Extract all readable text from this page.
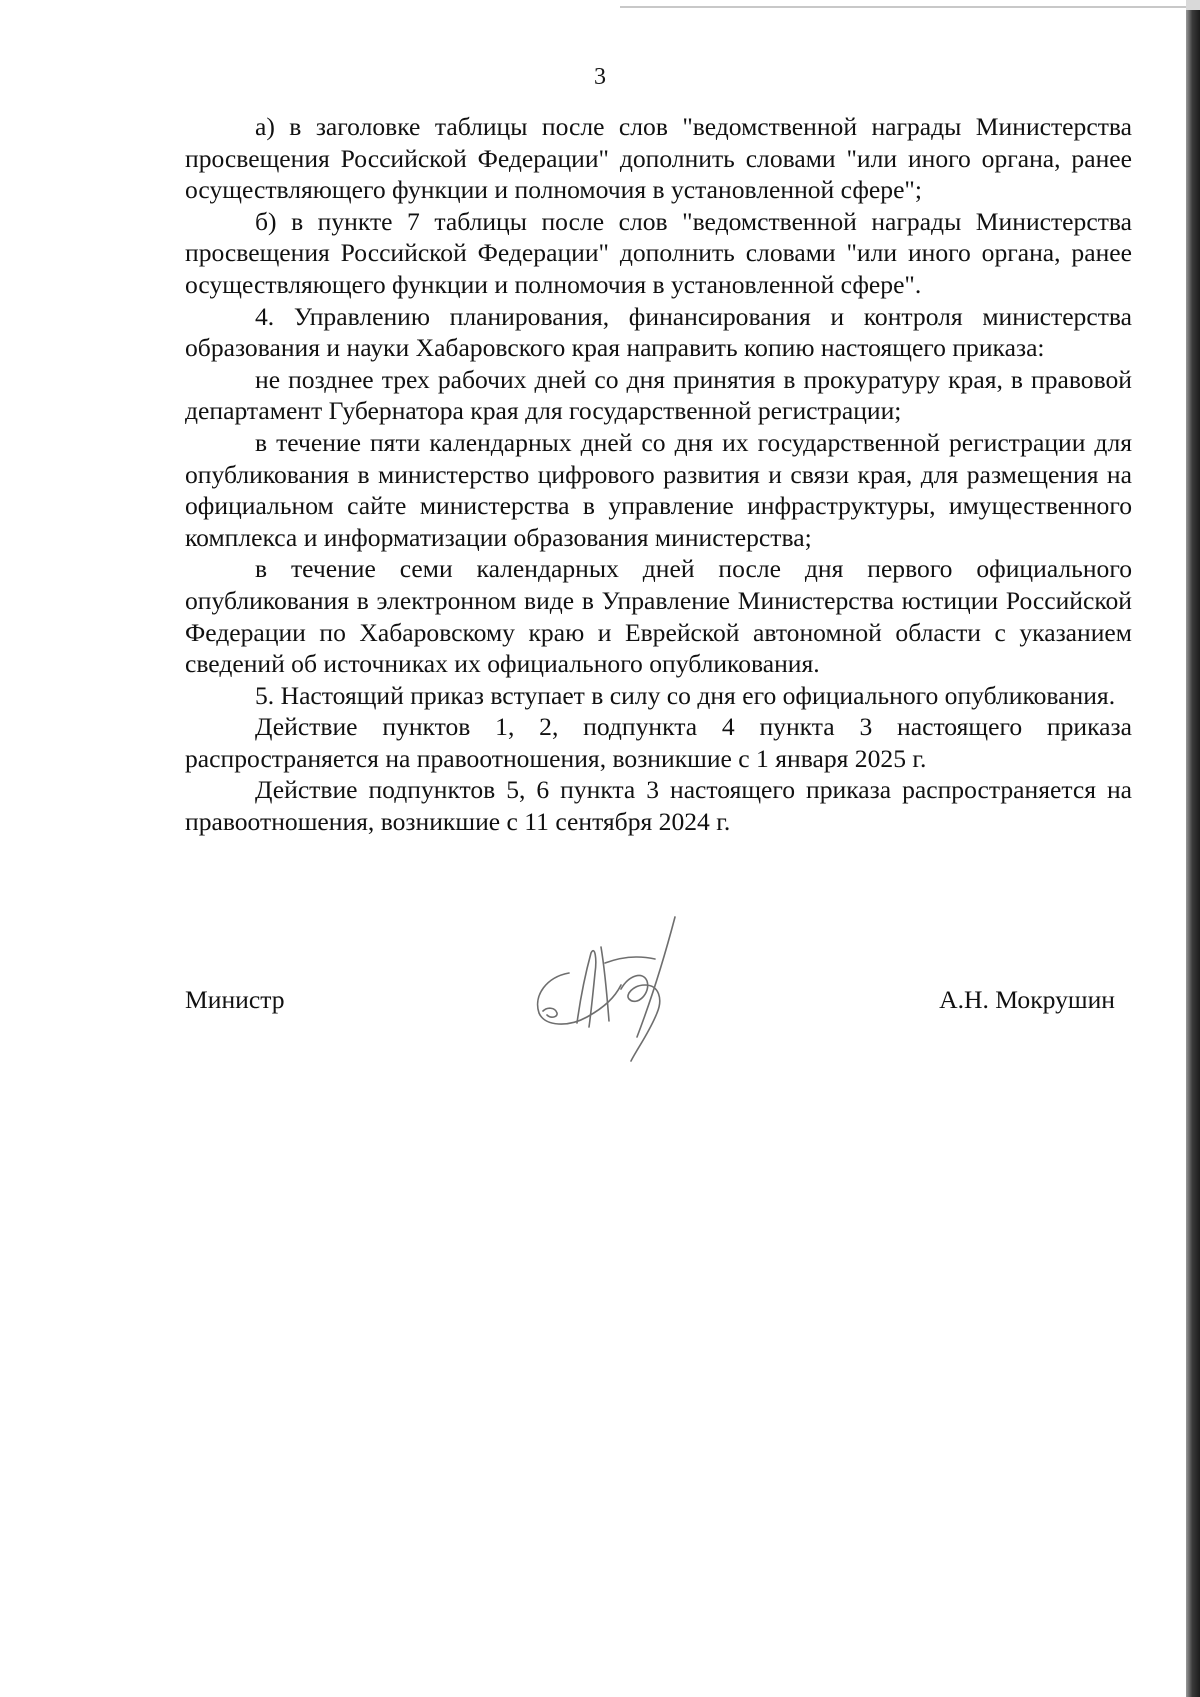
3

а) в заголовке таблицы после слов "ведомственной награды Министерства просвещения Российской Федерации" дополнить словами "или иного органа, ранее осуществляющего функции и полномочия в установленной сфере";

б) в пункте 7 таблицы после слов "ведомственной награды Министерства просвещения Российской Федерации" дополнить словами "или иного органа, ранее осуществляющего функции и полномочия в установленной сфере".

4. Управлению планирования, финансирования и контроля министерства образования и науки Хабаровского края направить копию настоящего приказа:

не позднее трех рабочих дней со дня принятия в прокуратуру края, в правовой департамент Губернатора края для государственной регистрации;

в течение пяти календарных дней со дня их государственной регистрации для опубликования в министерство цифрового развития и связи края, для размещения на официальном сайте министерства в управление инфраструктуры, имущественного комплекса и информатизации образования министерства;

в течение семи календарных дней после дня первого официального опубликования в электронном виде в Управление Министерства юстиции Российской Федерации по Хабаровскому краю и Еврейской автономной области с указанием сведений об источниках их официального опубликования.

5. Настоящий приказ вступает в силу со дня его официального опубликования.

Действие пунктов 1, 2, подпункта 4 пункта 3 настоящего приказа распространяется на правоотношения, возникшие с 1 января 2025 г.

Действие подпунктов 5, 6 пункта 3 настоящего приказа распространяется на правоотношения, возникшие с 11 сентября 2024 г.

Министр	А.Н. Мокрушин
